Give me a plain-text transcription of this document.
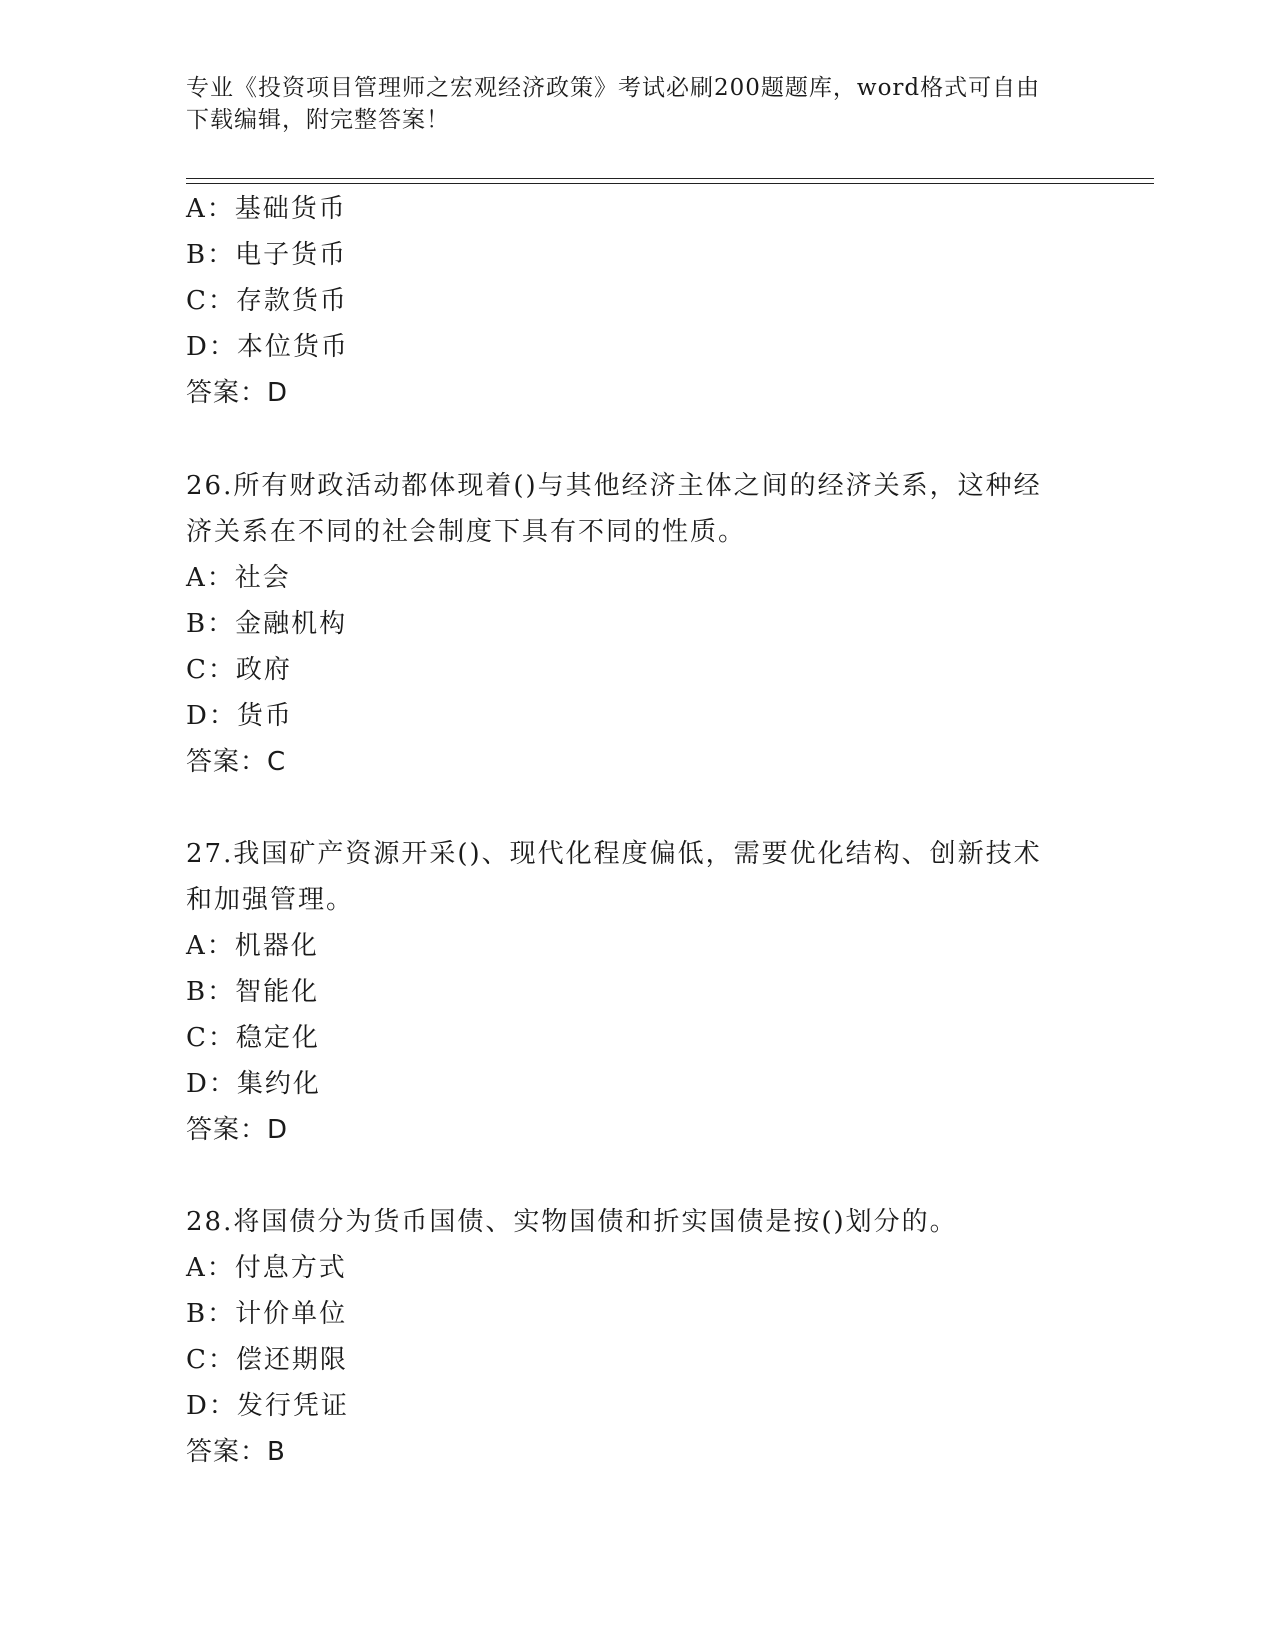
专业《投资项目管理师之宏观经济政策》考试必刷200题题库，word格式可自由
下载编辑，附完整答案！
A：基础货币
B：电子货币
C：存款货币
D：本位货币
答案：D
26.所有财政活动都体现着()与其他经济主体之间的经济关系，这种经
济关系在不同的社会制度下具有不同的性质。
A：社会
B：金融机构
C：政府
D：货币
答案：C
27.我国矿产资源开采()、现代化程度偏低，需要优化结构、创新技术
和加强管理。
A：机器化
B：智能化
C：稳定化
D：集约化
答案：D
28.将国债分为货币国债、实物国债和折实国债是按()划分的。
A：付息方式
B：计价单位
C：偿还期限
D：发行凭证
答案：B
